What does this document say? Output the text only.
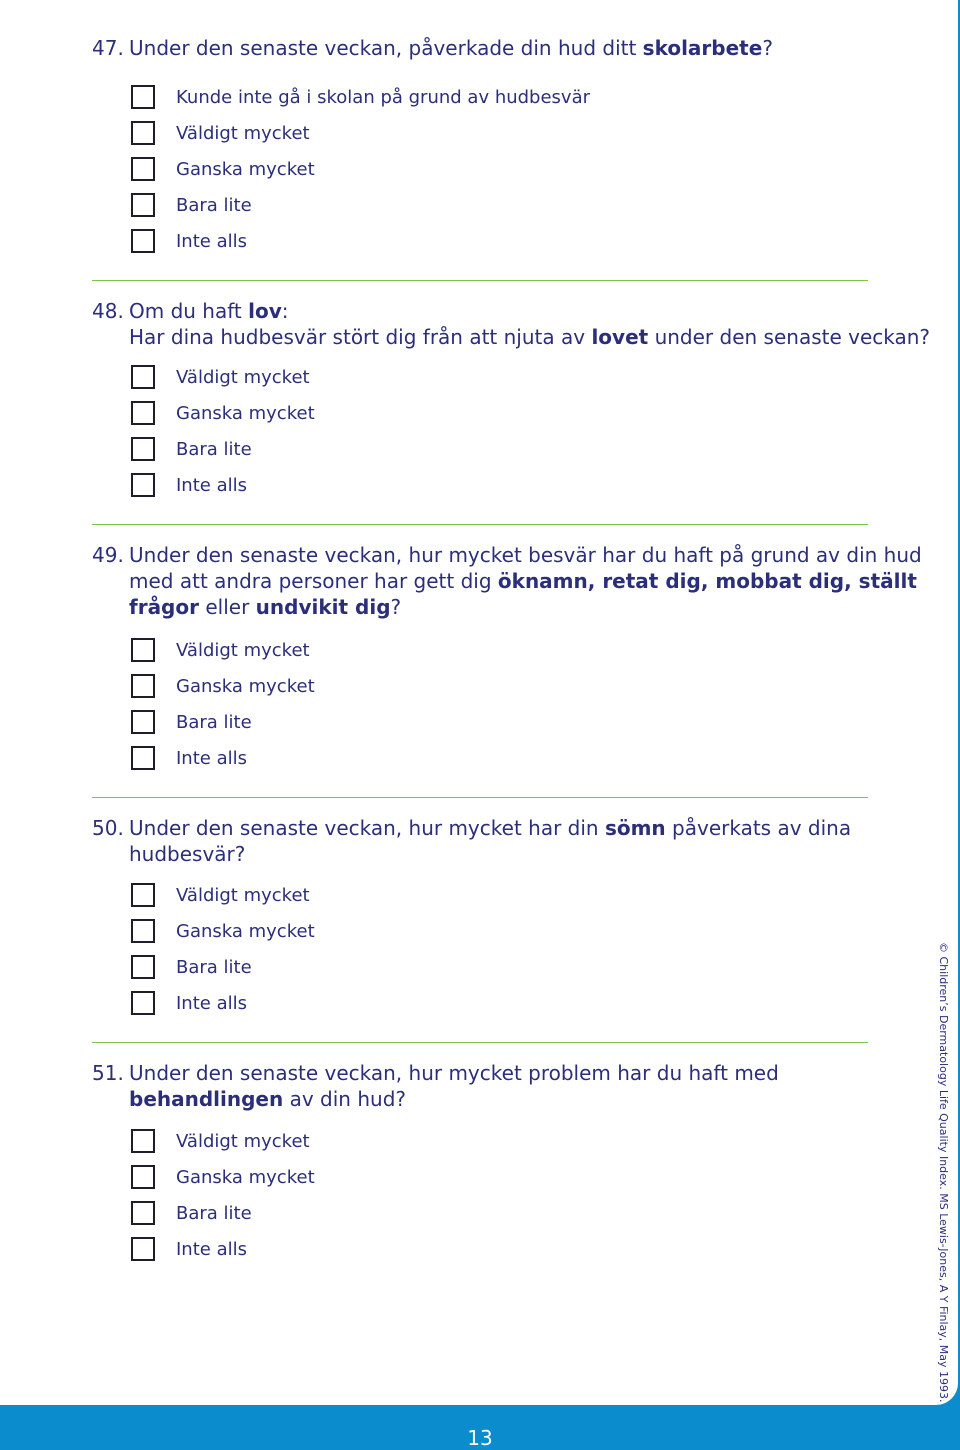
47. Under den senaste veckan, påverkade din hud ditt skolarbete?
Kunde inte gå i skolan på grund av hudbesvär
Väldigt mycket
Ganska mycket
Bara lite
Inte alls
48. Om du haft lov:
Har dina hudbesvär stört dig från att njuta av lovet under den senaste veckan?
Väldigt mycket
Ganska mycket
Bara lite
Inte alls
49. Under den senaste veckan, hur mycket besvär har du haft på grund av din hud
med att andra personer har gett dig öknamn, retat dig, mobbat dig, ställt
frågor eller undvikit dig?
Väldigt mycket
Ganska mycket
Bara lite
Inte alls
50. Under den senaste veckan, hur mycket har din sömn påverkats av dina
hudbesvär?
Väldigt mycket
Ganska mycket
Bara lite
Inte alls
51. Under den senaste veckan, hur mycket problem har du haft med
behandlingen av din hud?
Väldigt mycket
Ganska mycket
Bara lite
Inte alls	© Children’s Dermatology Life Quality Index. MS Lewis-Jones, A Y Finlay, May 1993.
13
